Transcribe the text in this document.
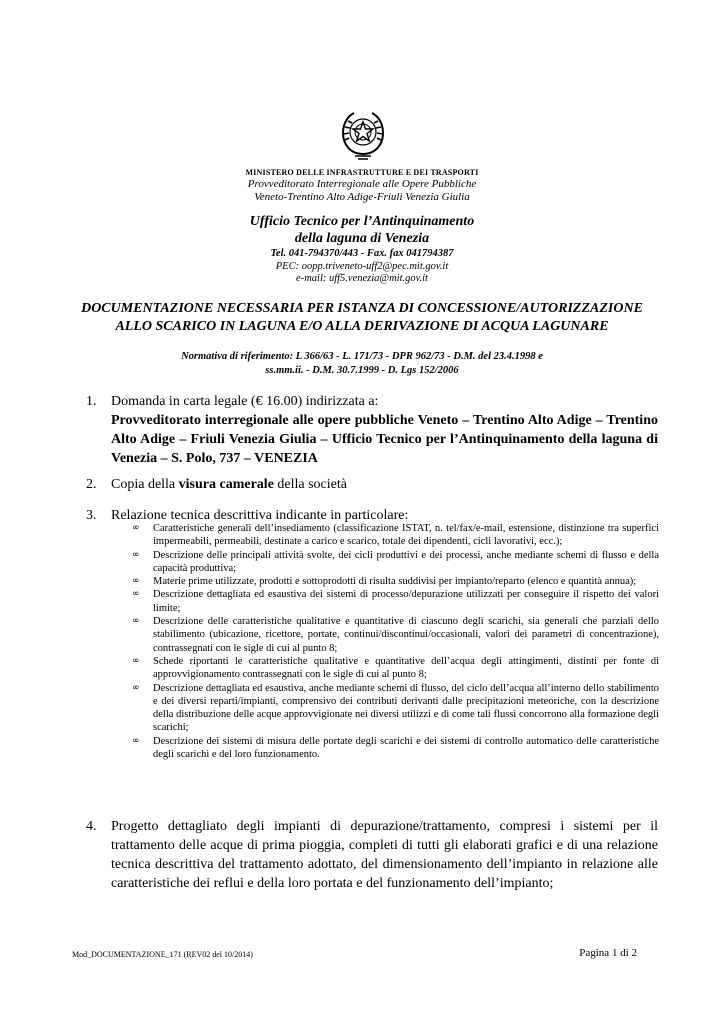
MINISTERO DELLE INFRASTRUTTURE E DEI TRASPORTI
Provveditorato Interregionale alle Opere Pubbliche
Veneto-Trentino Alto Adige-Friuli Venezia Giulia
Ufficio Tecnico per l’Antinquinamento
della laguna di Venezia
Tel. 041-794370/443 - Fax. fax 041794387
PEC: oopp.triveneto-uff2@pec.mit.gov.it
e-mail: uff5.venezia@mit.gov.it
DOCUMENTAZIONE NECESSARIA PER ISTANZA DI CONCESSIONE/AUTORIZZAZIONE
ALLO SCARICO IN LAGUNA E/O ALLA DERIVAZIONE DI ACQUA LAGUNARE
Normativa di riferimento: L 366/63 - L. 171/73 - DPR 962/73 - D.M. del 23.4.1998 e
ss.mm.ii. - D.M. 30.7.1999 - D. Lgs 152/2006
1. Domanda in carta legale (€ 16.00) indirizzata a:
Provveditorato interregionale alle opere pubbliche Veneto – Trentino Alto Adige – Trentino Alto Adige – Friuli Venezia Giulia – Ufficio Tecnico per l’Antinquinamento della laguna di Venezia – S. Polo, 737 – VENEZIA
2. Copia della visura camerale della società
3. Relazione tecnica descrittiva indicante in particolare:
∞ Caratteristiche generali dell’insediamento (classificazione ISTAT, n. tel/fax/e-mail, estensione, distinzione tra superfici impermeabili, permeabili, destinate a carico e scarico, totale dei dipendenti, cicli lavorativi, ecc.);
∞ Descrizione delle principali attività svolte, dei cicli produttivi e dei processi, anche mediante schemi di flusso e della capacità produttiva;
∞ Materie prime utilizzate, prodotti e sottoprodotti di risulta suddivisi per impianto/reparto (elenco e quantità annua);
∞ Descrizione dettagliata ed esaustiva dei sistemi di processo/depurazione utilizzati per conseguire il rispetto dei valori limite;
∞ Descrizione delle caratteristiche qualitative e quantitative di ciascuno degli scarichi, sia generali che parziali dello stabilimento (ubicazione, ricettore, portate, continui/discontinui/occasionali, valori dei parametri di concentrazione), contrassegnati con le sigle di cui al punto 8;
∞ Schede riportanti le caratteristiche qualitative e quantitative dell’acqua degli attingimenti, distinti per fonte di approvvigionamento contrassegnati con le sigle di cui al punto 8;
∞ Descrizione dettagliata ed esaustiva, anche mediante schemi di flusso, del ciclo dell’acqua all’interno dello stabilimento e dei diversi reparti/impianti, comprensivo dei contributi derivanti dalle precipitazioni meteoriche, con la descrizione della distribuzione delle acque approvvigionate nei diversi utilizzi e di come tali flussi concorrono alla formazione degli scarichi;
∞ Descrizione dei sistemi di misura delle portate degli scarichi e dei sistemi di controllo automatico delle caratteristiche degli scarichi e del loro funzionamento.
4. Progetto dettagliato degli impianti di depurazione/trattamento, compresi i sistemi per il trattamento delle acque di prima pioggia, completi di tutti gli elaborati grafici e di una relazione tecnica descrittiva del trattamento adottato, del dimensionamento dell’impianto in relazione alle caratteristiche dei reflui e della loro portata e del funzionamento dell’impianto;
Mod_DOCUMENTAZIONE_171 (REV02 del 10/2014)	Pagina 1 di 2
